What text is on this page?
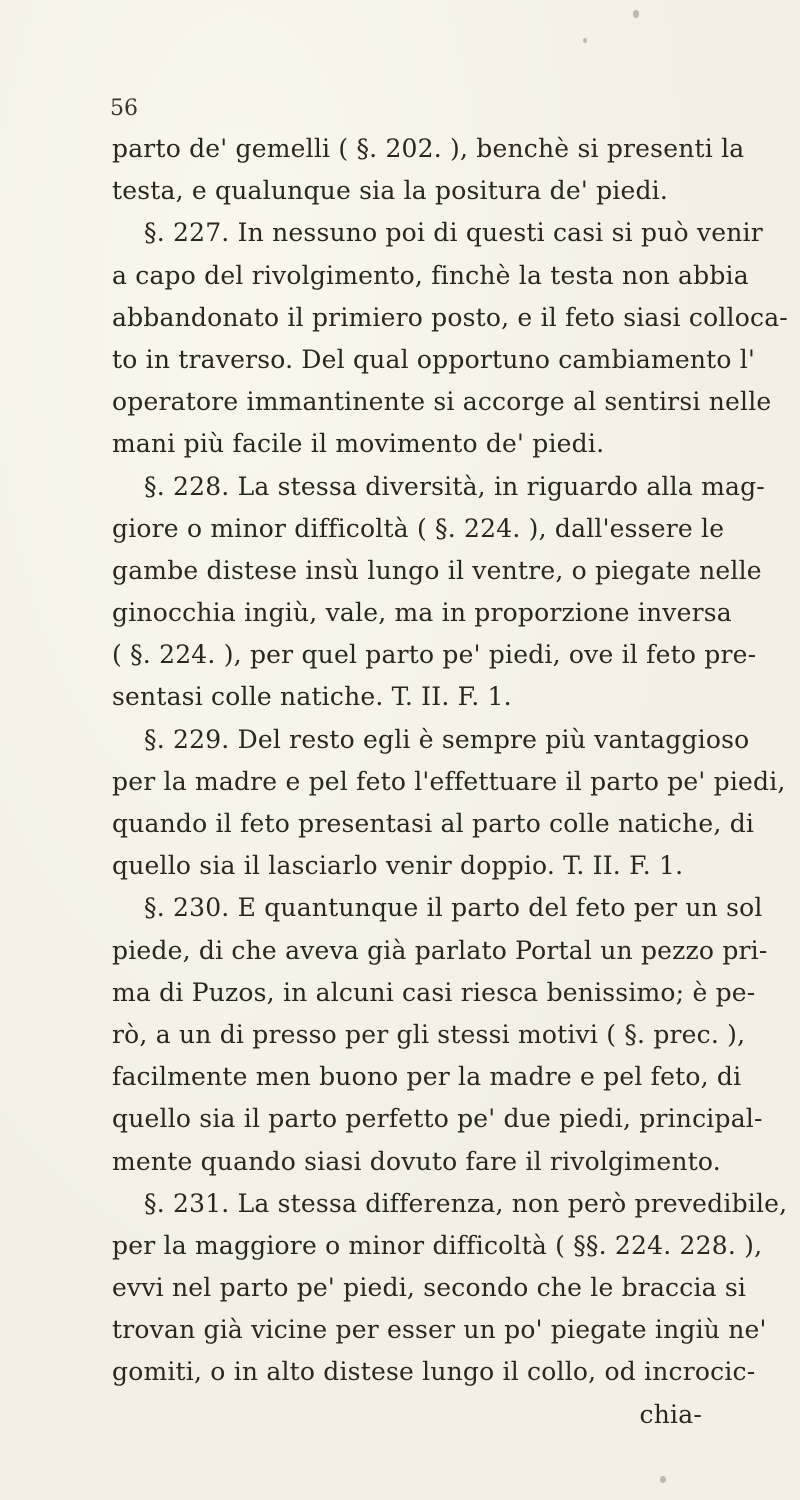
56
parto de' gemelli ( §. 202. ), benchè si presenti la
testa, e qualunque sia la positura de' piedi.
§. 227. In nessuno poi di questi casi si può venir
a capo del rivolgimento, finchè la testa non abbia
abbandonato il primiero posto, e il feto siasi colloca-
to in traverso. Del qual opportuno cambiamento l'
operatore immantinente si accorge al sentirsi nelle
mani più facile il movimento de' piedi.
§. 228. La stessa diversità, in riguardo alla mag-
giore o minor difficoltà ( §. 224. ), dall'essere le
gambe distese insù lungo il ventre, o piegate nelle
ginocchia ingiù, vale, ma in proporzione inversa
( §. 224. ), per quel parto pe' piedi, ove il feto pre-
sentasi colle natiche. T. II. F. 1.
§. 229. Del resto egli è sempre più vantaggioso
per la madre e pel feto l'effettuare il parto pe' piedi,
quando il feto presentasi al parto colle natiche, di
quello sia il lasciarlo venir doppio. T. II. F. 1.
§. 230. E quantunque il parto del feto per un sol
piede, di che aveva già parlato Portal un pezzo pri-
ma di Puzos, in alcuni casi riesca benissimo; è pe-
rò, a un di presso per gli stessi motivi ( §. prec. ),
facilmente men buono per la madre e pel feto, di
quello sia il parto perfetto pe' due piedi, principal-
mente quando siasi dovuto fare il rivolgimento.
§. 231. La stessa differenza, non però prevedibile,
per la maggiore o minor difficoltà ( §§. 224. 228. ),
evvi nel parto pe' piedi, secondo che le braccia si
trovan già vicine per esser un po' piegate ingiù ne'
gomiti, o in alto distese lungo il collo, od incrocic-
chia-
